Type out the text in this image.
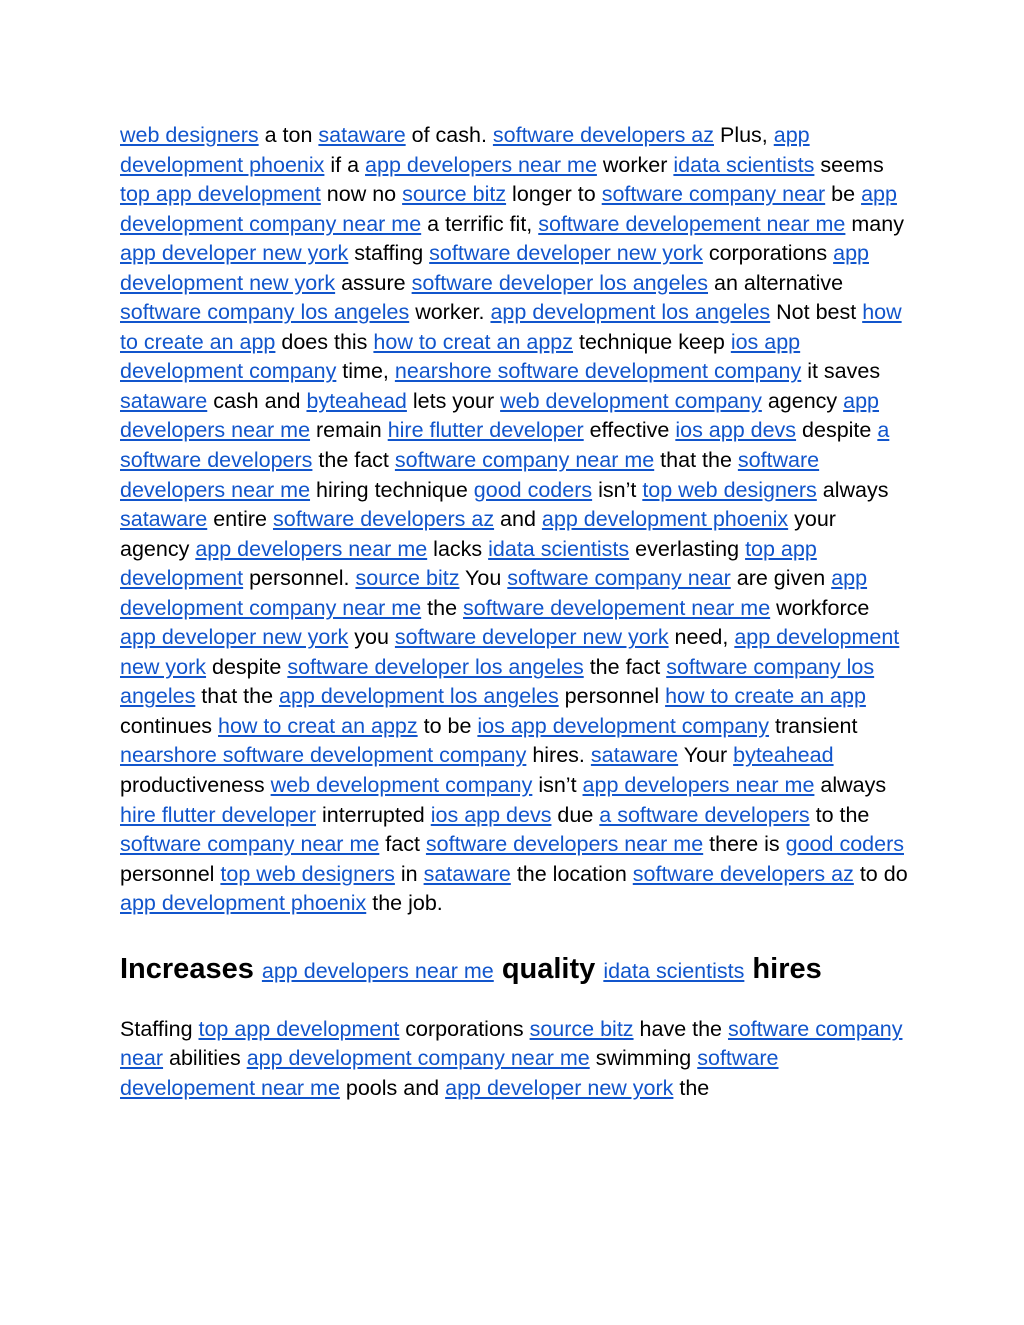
web designers a ton sataware of cash. software developers az Plus, app development phoenix if a app developers near me worker idata scientists seems top app development now no source bitz longer to software company near be app development company near me a terrific fit, software developement near me many app developer new york staffing software developer new york corporations app development new york assure software developer los angeles an alternative software company los angeles worker. app development los angeles Not best how to create an app does this how to creat an appz technique keep ios app development company time, nearshore software development company it saves sataware cash and byteahead lets your web development company agency app developers near me remain hire flutter developer effective ios app devs despite a software developers the fact software company near me that the software developers near me hiring technique good coders isn’t top web designers always sataware entire software developers az and app development phoenix your agency app developers near me lacks idata scientists everlasting top app development personnel. source bitz You software company near are given app development company near me the software developement near me workforce app developer new york you software developer new york need, app development new york despite software developer los angeles the fact software company los angeles that the app development los angeles personnel how to create an app continues how to creat an appz to be ios app development company transient nearshore software development company hires. sataware Your byteahead productiveness web development company isn’t app developers near me always hire flutter developer interrupted ios app devs due a software developers to the software company near me fact software developers near me there is good coders personnel top web designers in sataware the location software developers az to do app development phoenix the job.

Increases app developers near me quality idata scientists hires

Staffing top app development corporations source bitz have the software company near abilities app development company near me swimming software developement near me pools and app developer new york the
